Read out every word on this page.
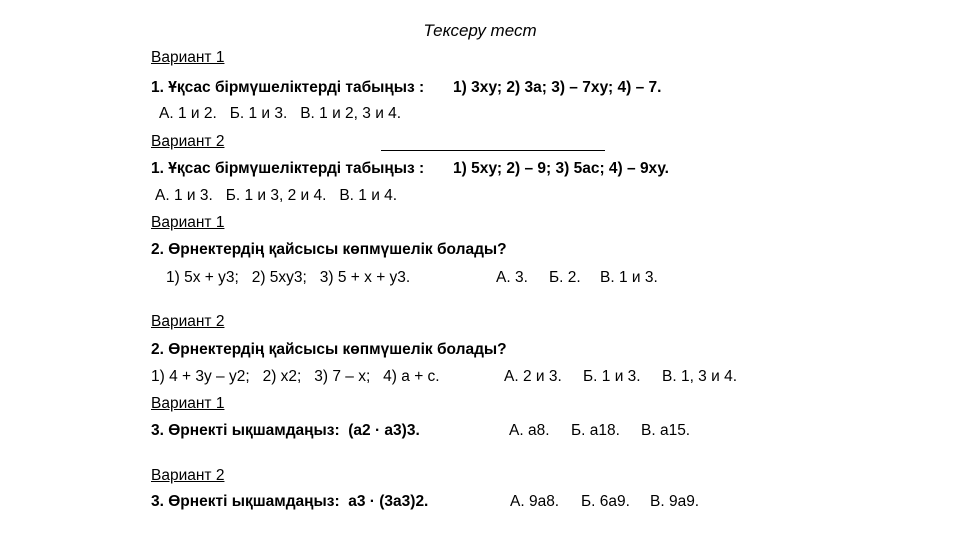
Тексеру тест
Вариант 1
1. Ұқсас бірмүшеліктерді табыңыз : 1) 3ху; 2) 3а; 3) – 7ху; 4) – 7.
А. 1 и 2.   Б. 1 и 3.   В. 1 и 2, 3 и 4.
Вариант 2
1. Ұқсас бірмүшеліктерді табыңыз : 1) 5ху; 2) – 9; 3) 5ас; 4) – 9ху.
А. 1 и 3.   Б. 1 и 3, 2 и 4.   В. 1 и 4.
Вариант 1
2. Өрнектердің қайсысы көпмүшелік болады?
1) 5х + у3;   2) 5ху3;   3) 5 + х + у3.	А. 3. Б. 2. В. 1 и 3.
Вариант 2
2. Өрнектердің қайсысы көпмүшелік болады?
1) 4 + 3у – у2;   2) х2;   3) 7 – х;   4) а + с.	А. 2 и 3. Б. 1 и 3. В. 1, 3 и 4.
Вариант 1
3. Өрнекті ықшамдаңыз:  (а2 · а3)3.	А. а8. Б. а18. В. а15.
Вариант 2
3. Өрнекті ықшамдаңыз:  а3 · (3а3)2.	А. 9а8. Б. 6а9. В. 9а9.
